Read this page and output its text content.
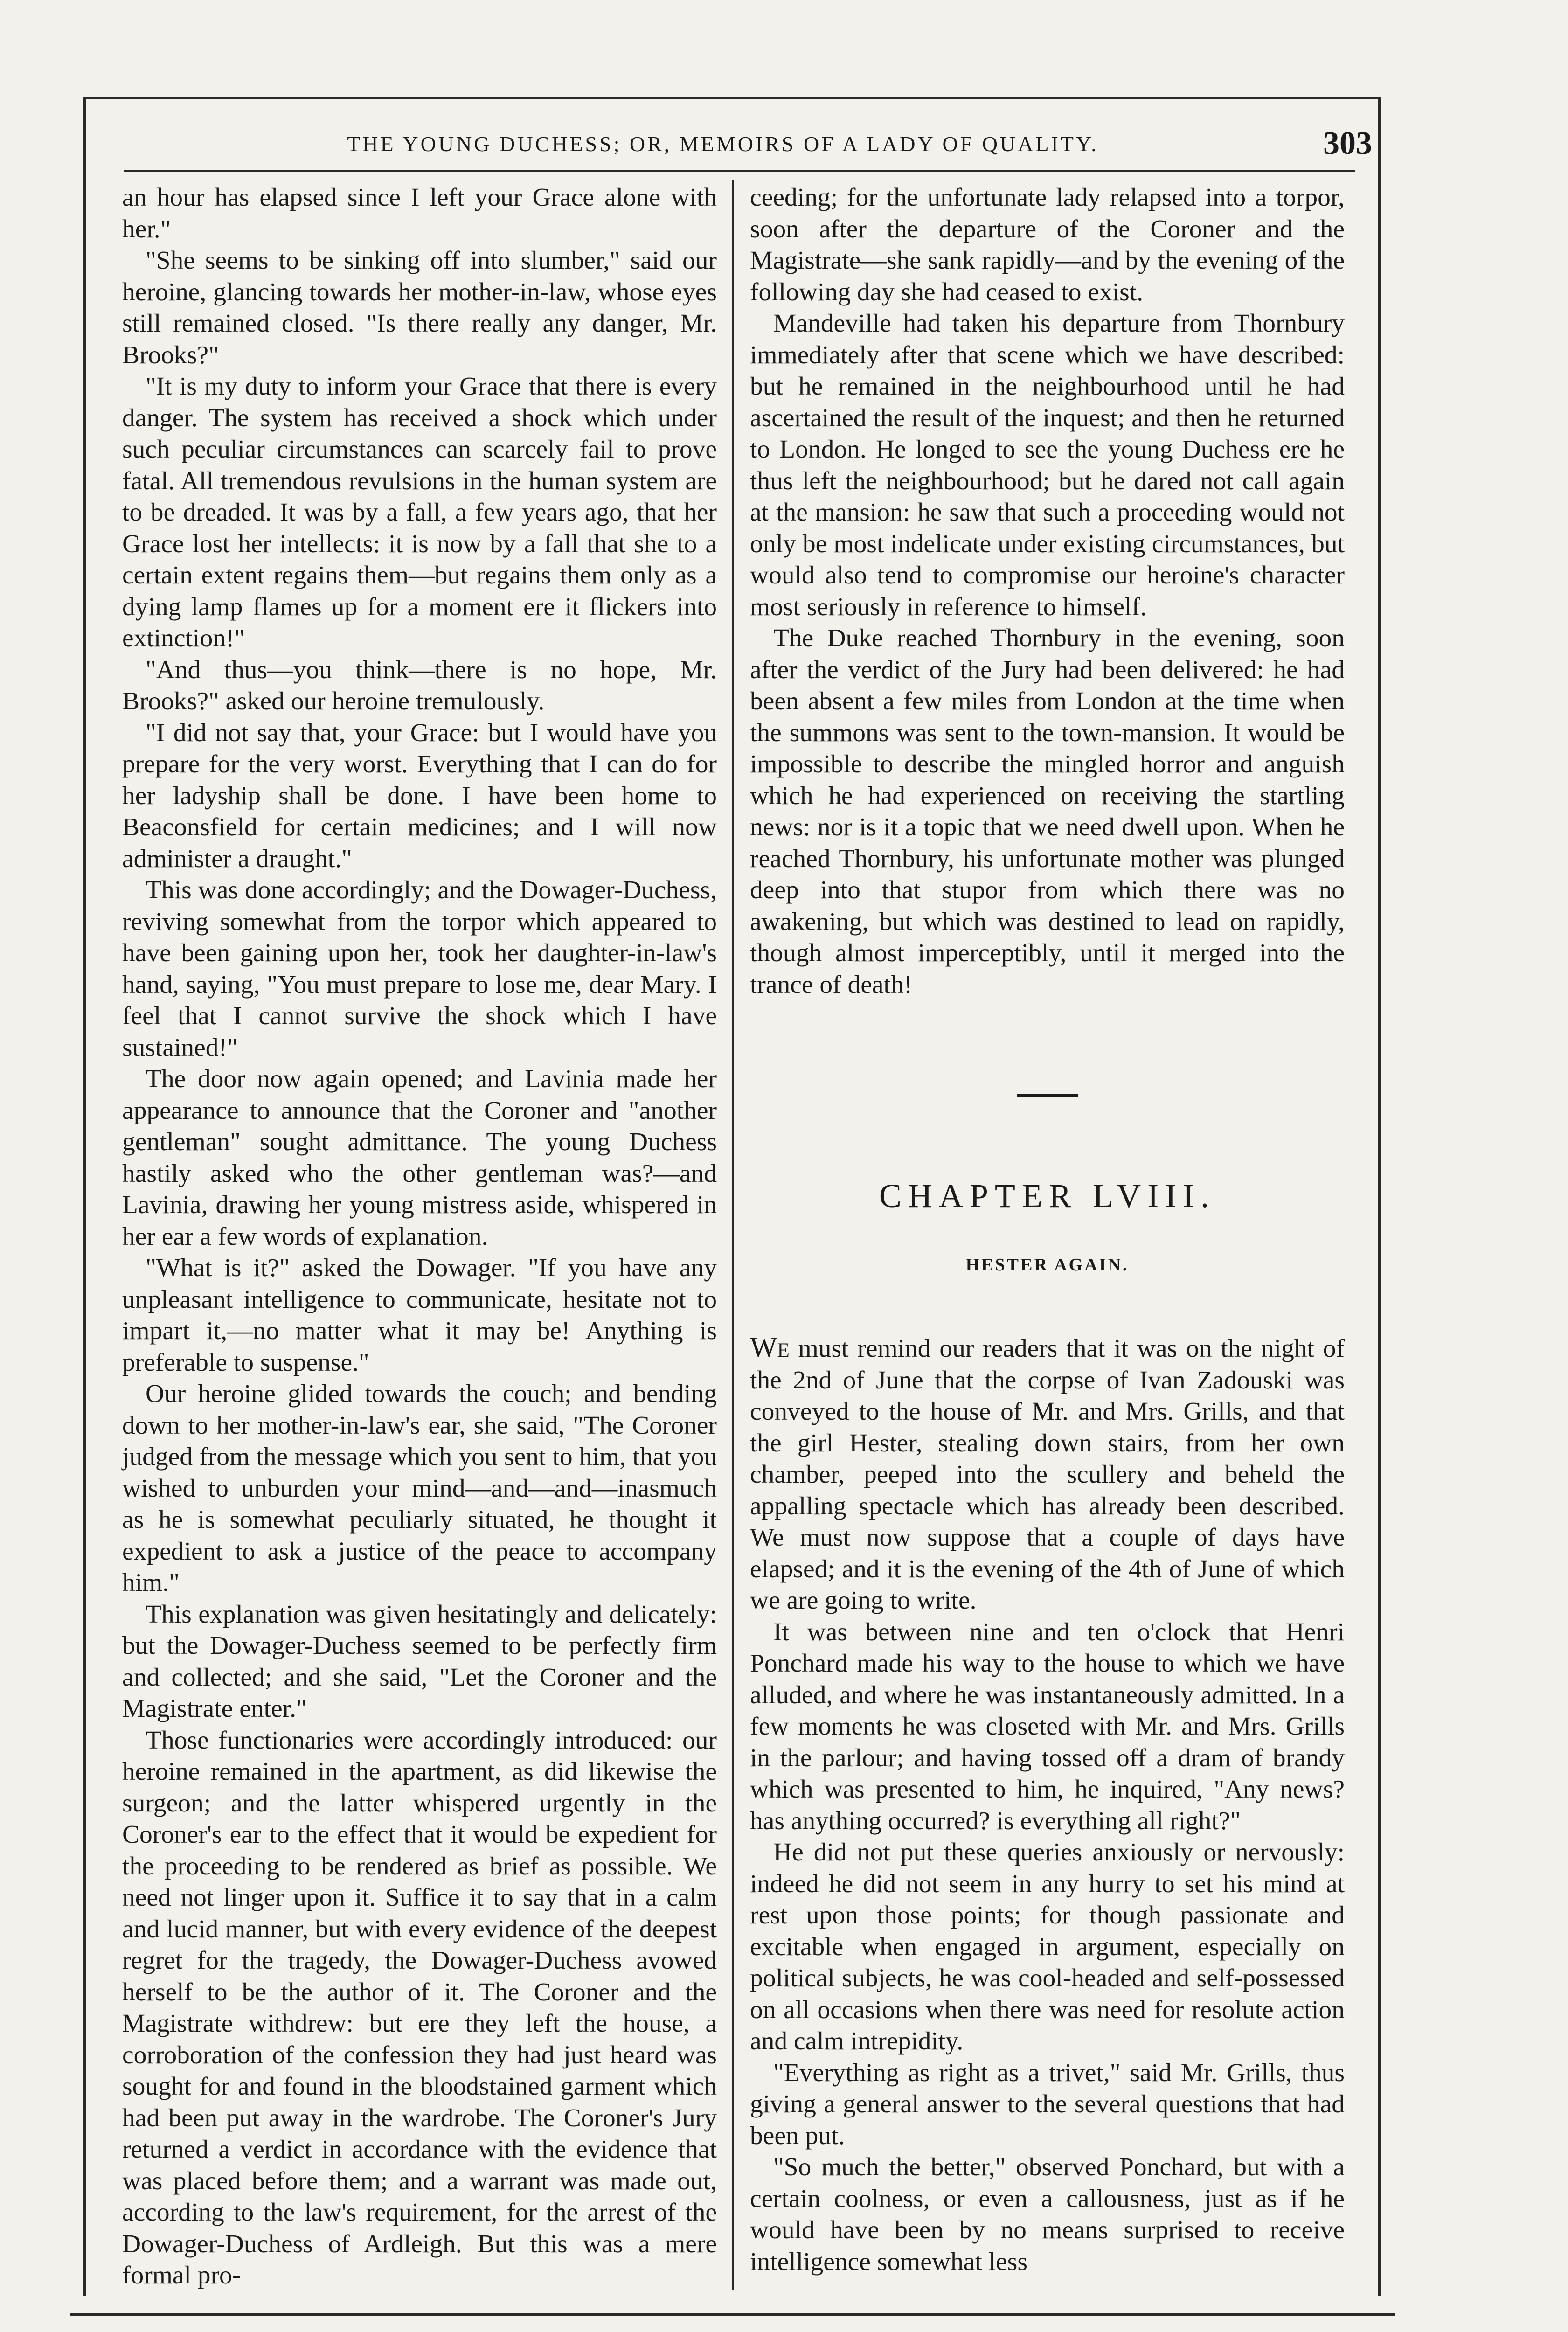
THE YOUNG DUCHESS; OR, MEMOIRS OF A LADY OF QUALITY.	303

an hour has elapsed since I left your Grace alone with her."

"She seems to be sinking off into slumber," said our heroine, glancing towards her mother-in-law, whose eyes still remained closed. "Is there really any danger, Mr. Brooks?"

"It is my duty to inform your Grace that there is every danger. The system has received a shock which under such peculiar circumstances can scarcely fail to prove fatal. All tremendous revulsions in the human system are to be dreaded. It was by a fall, a few years ago, that her Grace lost her intellects: it is now by a fall that she to a certain extent regains them—but regains them only as a dying lamp flames up for a moment ere it flickers into extinction!"

"And thus—you think—there is no hope, Mr. Brooks?" asked our heroine tremulously.

"I did not say that, your Grace: but I would have you prepare for the very worst. Everything that I can do for her ladyship shall be done. I have been home to Beaconsfield for certain medicines; and I will now administer a draught."

This was done accordingly; and the Dowager-Duchess, reviving somewhat from the torpor which appeared to have been gaining upon her, took her daughter-in-law's hand, saying, "You must prepare to lose me, dear Mary. I feel that I cannot survive the shock which I have sustained!"

The door now again opened; and Lavinia made her appearance to announce that the Coroner and "another gentleman" sought admittance. The young Duchess hastily asked who the other gentleman was?—and Lavinia, drawing her young mistress aside, whispered in her ear a few words of explanation.

"What is it?" asked the Dowager. "If you have any unpleasant intelligence to communicate, hesitate not to impart it,—no matter what it may be! Anything is preferable to suspense."

Our heroine glided towards the couch; and bending down to her mother-in-law's ear, she said, "The Coroner judged from the message which you sent to him, that you wished to unburden your mind—and—and—inasmuch as he is somewhat peculiarly situated, he thought it expedient to ask a justice of the peace to accompany him."

This explanation was given hesitatingly and delicately: but the Dowager-Duchess seemed to be perfectly firm and collected; and she said, "Let the Coroner and the Magistrate enter."

Those functionaries were accordingly introduced: our heroine remained in the apartment, as did likewise the surgeon; and the latter whispered urgently in the Coroner's ear to the effect that it would be expedient for the proceeding to be rendered as brief as possible. We need not linger upon it. Suffice it to say that in a calm and lucid manner, but with every evidence of the deepest regret for the tragedy, the Dowager-Duchess avowed herself to be the author of it. The Coroner and the Magistrate withdrew: but ere they left the house, a corroboration of the confession they had just heard was sought for and found in the bloodstained garment which had been put away in the wardrobe. The Coroner's Jury returned a verdict in accordance with the evidence that was placed before them; and a warrant was made out, according to the law's requirement, for the arrest of the Dowager-Duchess of Ardleigh. But this was a mere formal pro-

ceeding; for the unfortunate lady relapsed into a torpor, soon after the departure of the Coroner and the Magistrate—she sank rapidly—and by the evening of the following day she had ceased to exist.

Mandeville had taken his departure from Thornbury immediately after that scene which we have described: but he remained in the neighbourhood until he had ascertained the result of the inquest; and then he returned to London. He longed to see the young Duchess ere he thus left the neighbourhood; but he dared not call again at the mansion: he saw that such a proceeding would not only be most indelicate under existing circumstances, but would also tend to compromise our heroine's character most seriously in reference to himself.

The Duke reached Thornbury in the evening, soon after the verdict of the Jury had been delivered: he had been absent a few miles from London at the time when the summons was sent to the town-mansion. It would be impossible to describe the mingled horror and anguish which he had experienced on receiving the startling news: nor is it a topic that we need dwell upon. When he reached Thornbury, his unfortunate mother was plunged deep into that stupor from which there was no awakening, but which was destined to lead on rapidly, though almost imperceptibly, until it merged into the trance of death!

CHAPTER LVIII.
HESTER AGAIN.

We must remind our readers that it was on the night of the 2nd of June that the corpse of Ivan Zadouski was conveyed to the house of Mr. and Mrs. Grills, and that the girl Hester, stealing down stairs, from her own chamber, peeped into the scullery and beheld the appalling spectacle which has already been described. We must now suppose that a couple of days have elapsed; and it is the evening of the 4th of June of which we are going to write.

It was between nine and ten o'clock that Henri Ponchard made his way to the house to which we have alluded, and where he was instantaneously admitted. In a few moments he was closeted with Mr. and Mrs. Grills in the parlour; and having tossed off a dram of brandy which was presented to him, he inquired, "Any news? has anything occurred? is everything all right?"

He did not put these queries anxiously or nervously: indeed he did not seem in any hurry to set his mind at rest upon those points; for though passionate and excitable when engaged in argument, especially on political subjects, he was cool-headed and self-possessed on all occasions when there was need for resolute action and calm intrepidity.

"Everything as right as a trivet," said Mr. Grills, thus giving a general answer to the several questions that had been put.

"So much the better," observed Ponchard, but with a certain coolness, or even a callousness, just as if he would have been by no means surprised to receive intelligence somewhat less
